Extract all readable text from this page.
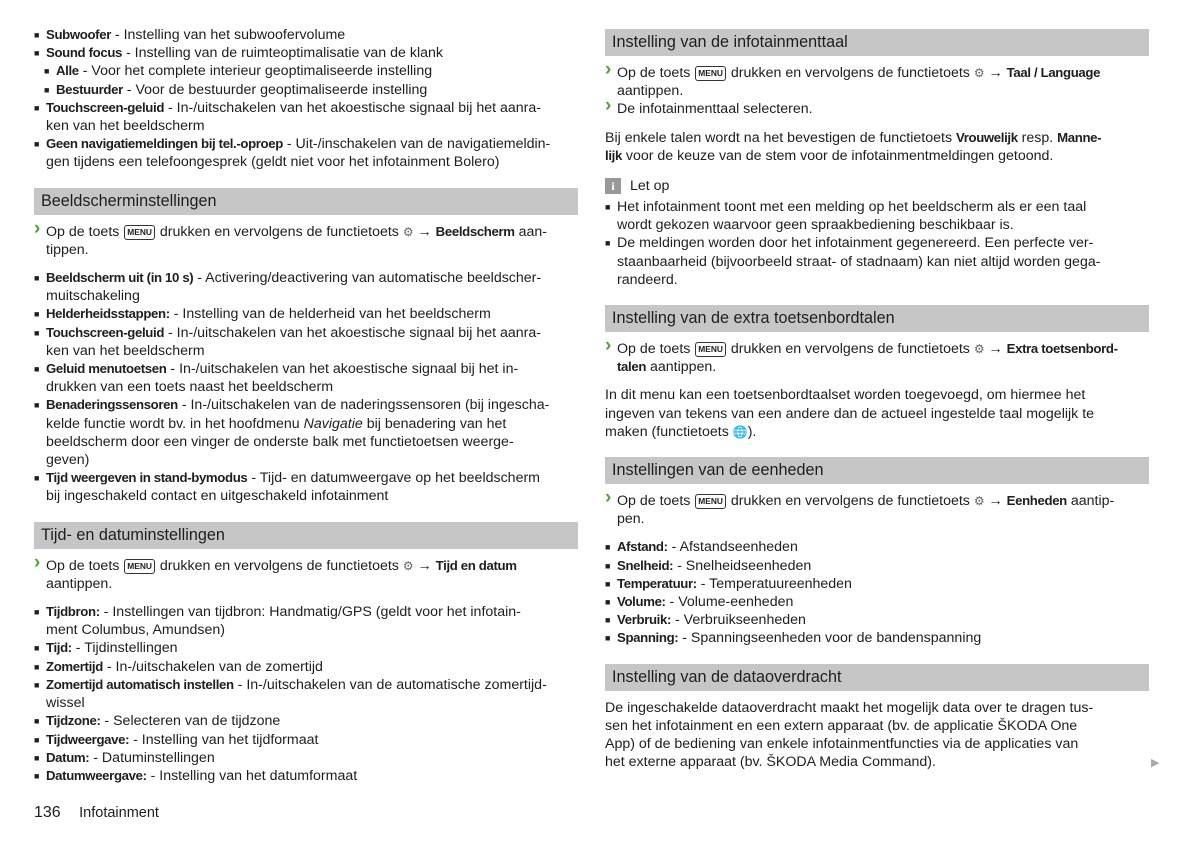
■ Subwoofer - Instelling van het subwoofervolume
■ Sound focus - Instelling van de ruimteoptimalisatie van de klank
■ Alle - Voor het complete interieur geoptimaliseerde instelling
■ Bestuurder - Voor de bestuurder geoptimaliseerde instelling
■ Touchscreen-geluid - In-/uitschakelen van het akoestische signaal bij het aanra-
ken van het beeldscherm
■ Geen navigatiemeldingen bij tel.-oproep - Uit-/inschakelen van de navigatiemeldin-
gen tijdens een telefoongesprek (geldt niet voor het infotainment Bolero)
Beeldscherminstellingen
› Op de toets MENU drukken en vervolgens de functietoets ⚙ → Beeldscherm aan-
tippen.
■ Beeldscherm uit (in 10 s) - Activering/deactivering van automatische beeldscher-
muitschakeling
■ Helderheidsstappen: - Instelling van de helderheid van het beeldscherm
■ Touchscreen-geluid - In-/uitschakelen van het akoestische signaal bij het aanra-
ken van het beeldscherm
■ Geluid menutoetsen - In-/uitschakelen van het akoestische signaal bij het in-
drukken van een toets naast het beeldscherm
■ Benaderingssensoren - In-/uitschakelen van de naderingssensoren (bij ingescha-
kelde functie wordt bv. in het hoofdmenu Navigatie bij benadering van het
beeldscherm door een vinger de onderste balk met functietoetsen weerge-
geven)
■ Tijd weergeven in stand-bymodus - Tijd- en datumweergave op het beeldscherm
bij ingeschakeld contact en uitgeschakeld infotainment
Tijd- en datuminstellingen
› Op de toets MENU drukken en vervolgens de functietoets ⚙ → Tijd en datum
aantippen.
■ Tijdbron: - Instellingen van tijdbron: Handmatig/GPS (geldt voor het infotain-
ment Columbus, Amundsen)
■ Tijd: - Tijdinstellingen
■ Zomertijd - In-/uitschakelen van de zomertijd
■ Zomertijd automatisch instellen - In-/uitschakelen van de automatische zomertijd-
wissel
■ Tijdzone: - Selecteren van de tijdzone
■ Tijdweergave: - Instelling van het tijdformaat
■ Datum: - Datuminstellingen
■ Datumweergave: - Instelling van het datumformaat
Instelling van de infotainmenttaal
› Op de toets MENU drukken en vervolgens de functietoets ⚙ → Taal / Language
aantippen.
› De infotainmenttaal selecteren.
Bij enkele talen wordt na het bevestigen de functietoets Vrouwelijk resp. Manne-
lijk voor de keuze van de stem voor de infotainmentmeldingen getoond.
i	Let op
■ Het infotainment toont met een melding op het beeldscherm als er een taal
wordt gekozen waarvoor geen spraakbediening beschikbaar is.
■ De meldingen worden door het infotainment gegenereerd. Een perfecte ver-
staanbaarheid (bijvoorbeeld straat- of stadnaam) kan niet altijd worden gega-
randeerd.
Instelling van de extra toetsenbordtalen
› Op de toets MENU drukken en vervolgens de functietoets ⚙ → Extra toetsenbord-
talen aantippen.
In dit menu kan een toetsenbordtaalset worden toegevoegd, om hiermee het
ingeven van tekens van een andere dan de actueel ingestelde taal mogelijk te
maken (functietoets 🌐).
Instellingen van de eenheden
› Op de toets MENU drukken en vervolgens de functietoets ⚙ → Eenheden aantip-
pen.
■ Afstand: - Afstandseenheden
■ Snelheid: - Snelheidseenheden
■ Temperatuur: - Temperatuureenheden
■ Volume: - Volume-eenheden
■ Verbruik: - Verbruikseenheden
■ Spanning: - Spanningseenheden voor de bandenspanning
Instelling van de dataoverdracht
De ingeschakelde dataoverdracht maakt het mogelijk data over te dragen tus-
sen het infotainment en een extern apparaat (bv. de applicatie ŠKODA One
App) of de bediening van enkele infotainmentfuncties via de applicaties van
het externe apparaat (bv. ŠKODA Media Command).	▶
136 Infotainment
